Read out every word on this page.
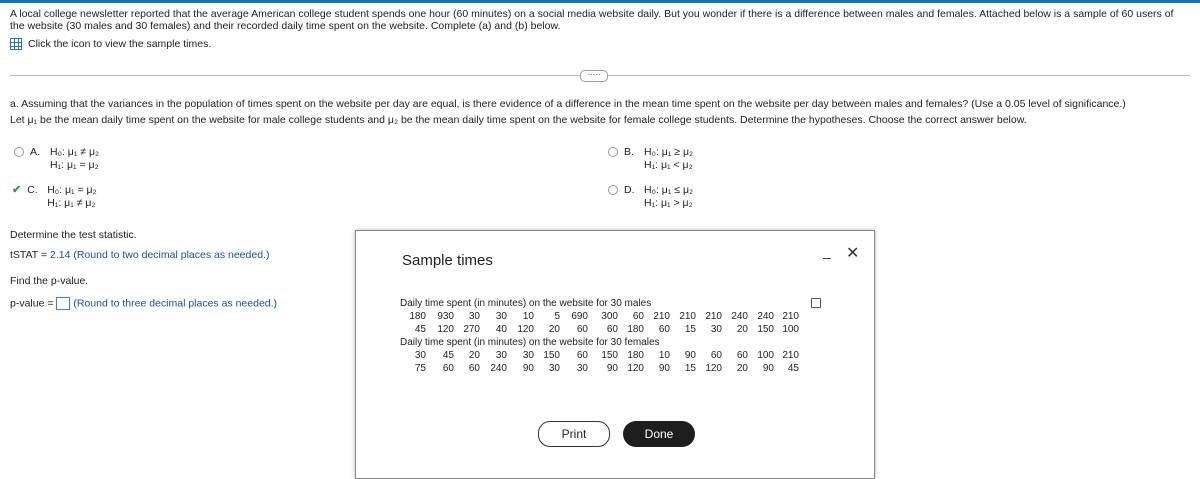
A local college newsletter reported that the average American college student spends one hour (60 minutes) on a social media website daily. But you wonder if there is a difference between males and females. Attached below is a sample of 60 users of the website (30 males and 30 females) and their recorded daily time spent on the website. Complete (a) and (b) below.
Click the icon to view the sample times.
·····
a. Assuming that the variances in the population of times spent on the website per day are equal, is there evidence of a difference in the mean time spent on the website per day between males and females? (Use a 0.05 level of significance.)
Let μ₁ be the mean daily time spent on the website for male college students and μ₂ be the mean daily time spent on the website for female college students. Determine the hypotheses. Choose the correct answer below.
A. H₀: μ₁ ≠ μ₂
H₁: μ₁ = μ₂
B. H₀: μ₁ ≥ μ₂
H₁: μ₁ < μ₂
✔ C. H₀: μ₁ = μ₂
H₁: μ₁ ≠ μ₂
D. H₀: μ₁ ≤ μ₂
H₁: μ₁ > μ₂
Determine the test statistic.
tSTAT = 2.14 (Round to two decimal places as needed.)
Find the p-value.
p-value = (Round to three decimal places as needed.)
Sample times	– ✕
Daily time spent (in minutes) on the website for 30 males
180	930	30	30	10	5	690	300	60	210	210	210	240	240	210
45	120	270	40	120	20	60	60	180	60	15	30	20	150	100
Daily time spent (in minutes) on the website for 30 females
30	45	20	30	30	150	60	150	180	10	90	60	60	100	210
75	60	60	240	90	30	30	90	120	90	15	120	20	90	45
Print	Done
